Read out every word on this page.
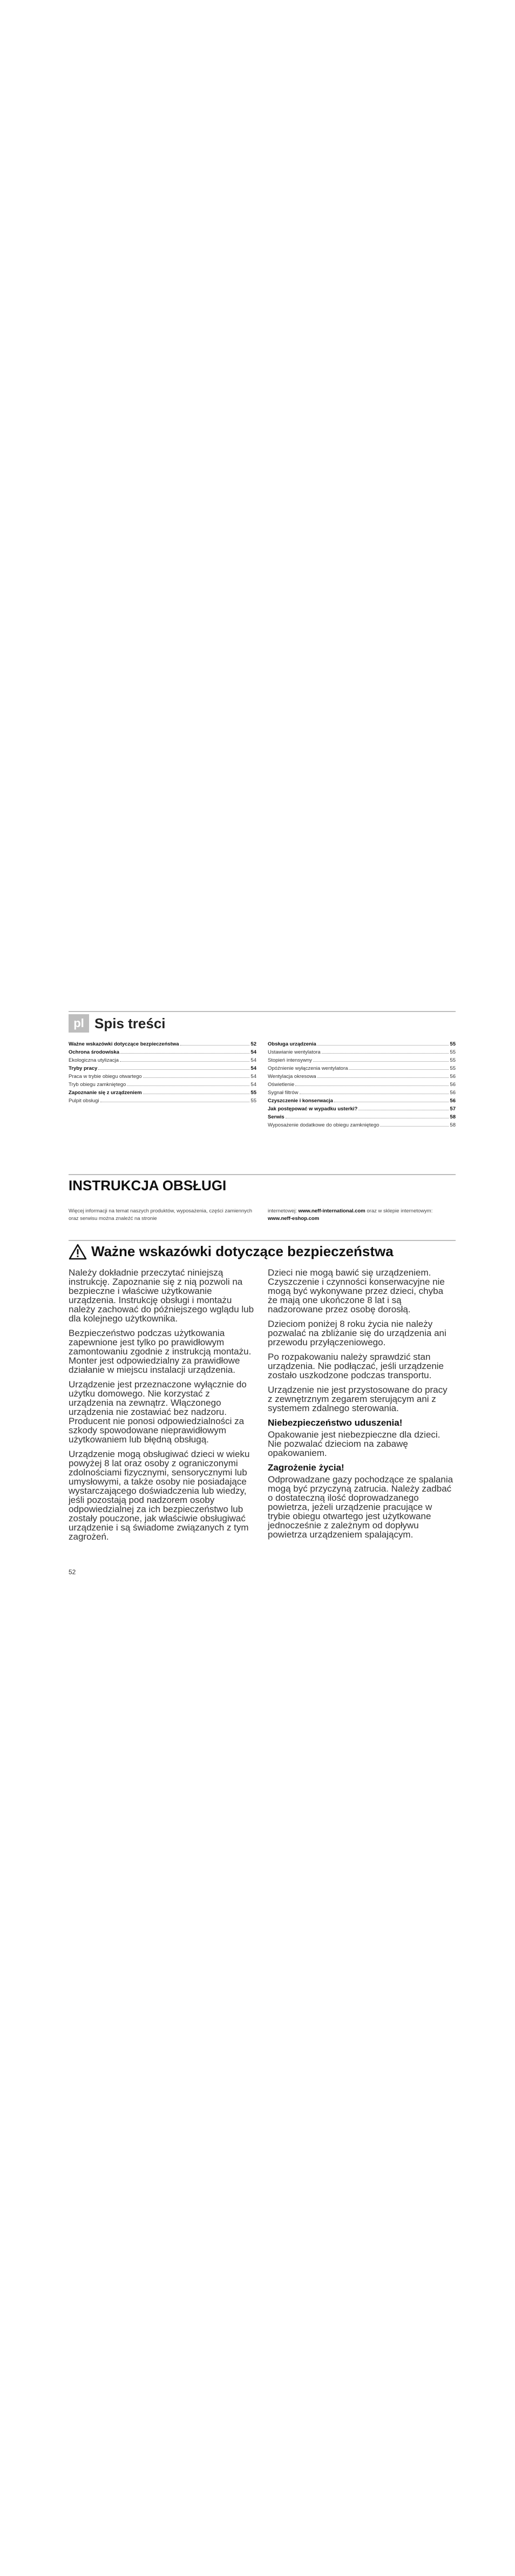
pl Spis treści
Ważne wskazówki dotyczące bezpieczeństwa	52
Ochrona środowiska	54
Ekologiczna utylizacja	54
Tryby pracy	54
Praca w trybie obiegu otwartego	54
Tryb obiegu zamkniętego	54
Zapoznanie się z urządzeniem	55
Pulpit obsługi	55
Obsługa urządzenia	55
Ustawianie wentylatora	55
Stopień intensywny	55
Opóźnienie wyłączenia wentylatora	55
Wentylacja okresowa	56
Oświetlenie	56
Sygnał filtrów	56
Czyszczenie i konserwacja	56
Jak postępować w wypadku usterki?	57
Serwis	58
Wyposażenie dodatkowe do obiegu zamkniętego	58
INSTRUKCJA OBSŁUGI
Więcej informacji na temat naszych produktów, wyposażenia, części zamiennych oraz serwisu można znaleźć na stronie
internetowej: www.neff-international.com oraz w sklepie internetowym: www.neff-eshop.com
Ważne wskazówki dotyczące bezpieczeństwa

Należy dokładnie przeczytać niniejszą instrukcję. Zapoznanie się z nią pozwoli na bezpieczne i właściwe użytkowanie urządzenia. Instrukcję obsługi i montażu należy zachować do późniejszego wglądu lub dla kolejnego użytkownika.

Bezpieczeństwo podczas użytkowania zapewnione jest tylko po prawidłowym zamontowaniu zgodnie z instrukcją montażu. Monter jest odpowiedzialny za prawidłowe działanie w miejscu instalacji urządzenia.

Urządzenie jest przeznaczone wyłącznie do użytku domowego. Nie korzystać z urządzenia na zewnątrz. Włączonego urządzenia nie zostawiać bez nadzoru. Producent nie ponosi odpowiedzialności za szkody spowodowane nieprawidłowym użytkowaniem lub błędną obsługą.

Urządzenie mogą obsługiwać dzieci w wieku powyżej 8 lat oraz osoby z ograniczonymi zdolnościami fizycznymi, sensorycznymi lub umysłowymi, a także osoby nie posiadające wystarczającego doświadczenia lub wiedzy, jeśli pozostają pod nadzorem osoby odpowiedzialnej za ich bezpieczeństwo lub zostały pouczone, jak właściwie obsługiwać urządzenie i są świadome związanych z tym zagrożeń.

Dzieci nie mogą bawić się urządzeniem. Czyszczenie i czynności konserwacyjne nie mogą być wykonywane przez dzieci, chyba że mają one ukończone 8 lat i są nadzorowane przez osobę dorosłą.

Dzieciom poniżej 8 roku życia nie należy pozwalać na zbliżanie się do urządzenia ani przewodu przyłączeniowego.

Po rozpakowaniu należy sprawdzić stan urządzenia. Nie podłączać, jeśli urządzenie zostało uszkodzone podczas transportu.

Urządzenie nie jest przystosowane do pracy z zewnętrznym zegarem sterującym ani z systemem zdalnego sterowania.

Niebezpieczeństwo uduszenia!

Opakowanie jest niebezpieczne dla dzieci. Nie pozwalać dzieciom na zabawę opakowaniem.

Zagrożenie życia!

Odprowadzane gazy pochodzące ze spalania mogą być przyczyną zatrucia. Należy zadbać o dostateczną ilość doprowadzanego powietrza, jeżeli urządzenie pracujące w trybie obiegu otwartego jest użytkowane jednocześnie z zależnym od dopływu powietrza urządzeniem spalającym.

52
